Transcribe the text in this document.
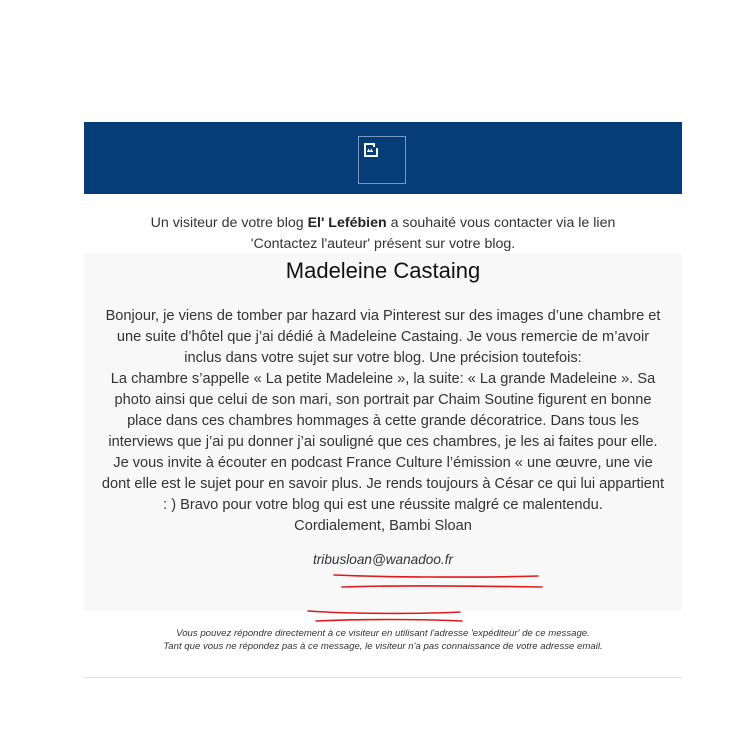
Un visiteur de votre blog El' Lefébien a souhaité vous contacter via le lien
'Contactez l'auteur' présent sur votre blog.
Madeleine Castaing
Bonjour, je viens de tomber par hazard via Pinterest sur des images d’une chambre et une suite d’hôtel que j’ai dédié à Madeleine Castaing. Je vous remercie de m’avoir inclus dans votre sujet sur votre blog. Une précision toutefois:
La chambre s’appelle « La petite Madeleine », la suite: « La grande Madeleine ». Sa photo ainsi que celui de son mari, son portrait par Chaim Soutine figurent en bonne place dans ces chambres hommages à cette grande décoratrice. Dans tous les interviews que j’ai pu donner j’ai souligné que ces chambres, je les ai faites pour elle. Je vous invite à écouter en podcast France Culture l’émission « une œuvre, une vie dont elle est le sujet pour en savoir plus. Je rends toujours à César ce qui lui appartient : ) Bravo pour votre blog qui est une réussite malgré ce malentendu. Cordialement, Bambi Sloan
tribusloan@wanadoo.fr
Vous pouvez répondre directement à ce visiteur en utilisant l'adresse 'expéditeur' de ce message.
Tant que vous ne répondez pas à ce message, le visiteur n'a pas connaissance de votre adresse email.
